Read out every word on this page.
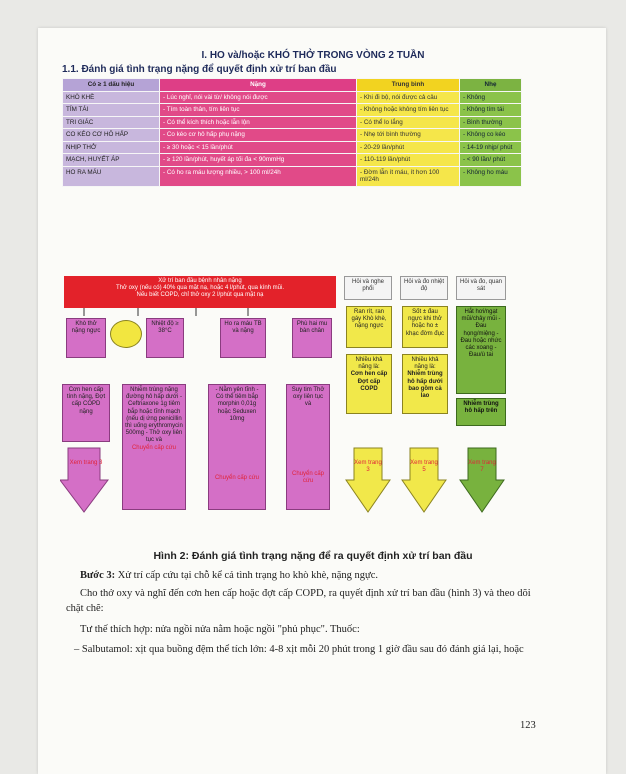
I. HO và/hoặc KHÓ THỞ TRONG VÒNG 2 TUẦN
1.1. Đánh giá tình trạng nặng để quyết định xử trí ban đầu
Có ≥ 1 dấu hiệu	Nặng	Trung bình	Nhẹ
KHÒ KHÈ	- Lúc nghỉ, nói vài từ/ không nói được	- Khi đi bộ, nói được cả câu	- Không
TÍM TÁI	- Tím toàn thân, tím liên tục	- Không hoặc không tím liên tục	- Không tím tái
TRI GIÁC	- Có thể kích thích hoặc lẫn lộn	- Có thể lo lắng	- Bình thường
CO KÉO CƠ HÔ HẤP	- Co kéo cơ hô hấp phụ nặng	- Nhẹ tới bình thường	- Không co kéo
NHỊP THỞ	- ≥ 30 hoặc < 15 lần/phút	- 20-29 lần/phút	- 14-19 nhịp/ phút
MẠCH, HUYẾT ÁP	- ≥ 120 lần/phút, huyết áp tối đa < 90mmHg	- 110-119 lần/phút	- < 90 lần/ phút
HO RA MÁU	- Có ho ra máu lượng nhiều, > 100 ml/24h	- Đờm lẫn ít máu, ít hơn 100 ml/24h	- Không ho máu
Xử trí ban đầu bệnh nhân nặng
Thở oxy (nếu có) 40% qua mặt nạ, hoặc 4 l/phút, qua kính mũi.
Nếu biết COPD, chỉ thở oxy 2 l/phút qua mặt nạ
Hỏi và nghe phổi
Hỏi và đo nhiệt độ
Hỏi và đo, quan sát
Khò thở nặng ngực
Nhiệt độ ≥ 38°C
Ho ra máu TB và nặng
Phù hai mu bàn chân
Ran rít, ran gáy Khò khè, nặng ngực
Sốt ± đau ngực khi thở hoặc ho ± khạc đờm đục
Hắt hơi/ngạt mũi/chảy mũi - Đau họng/miệng - Đau hoặc nhức các xoang - Đau/ù tai
Cơn hen cấp tính nặng, Đợt cấp COPD nặng
Nhiễm trùng nặng đường hô hấp dưới - Ceftriaxone 1g tiêm bắp hoặc tĩnh mạch (nếu dị ứng penicillin thì uống erythromycin 500mg - Thở oxy liên tục và
Chuyển cấp cứu
- Nằm yên tĩnh - Có thể tiêm bắp morphin 0,01g hoặc Seduxen 10mg
Chuyển cấp cứu
Suy tim Thở oxy liên tục và
Chuyển cấp cứu
Nhiều khả năng là:
Cơn hen cấp Đợt cấp COPD
Nhiều khả năng là:
Nhiễm trùng hô hấp dưới bao gồm cả lao
Nhiễm trùng hô hấp trên
Xem trang 3	Xem trang 3
Xem trang 5
Xem trang 7
Hình 2: Đánh giá tình trạng nặng để ra quyết định xử trí ban đầu
Bước 3: Xử trí cấp cứu tại chỗ kể cả tình trạng ho khò khè, nặng ngực.
Cho thở oxy và nghĩ đến cơn hen cấp hoặc đợt cấp COPD, ra quyết định xử trí ban đầu (hình 3) và theo dõi chặt chẽ:
Tư thế thích hợp: nửa ngồi nửa nằm hoặc ngồi "phủ phục". Thuốc:
– Salbutamol: xịt qua buồng đệm thể tích lớn: 4-8 xịt mỗi 20 phút trong 1 giờ đầu sau đó đánh giá lại, hoặc
123
